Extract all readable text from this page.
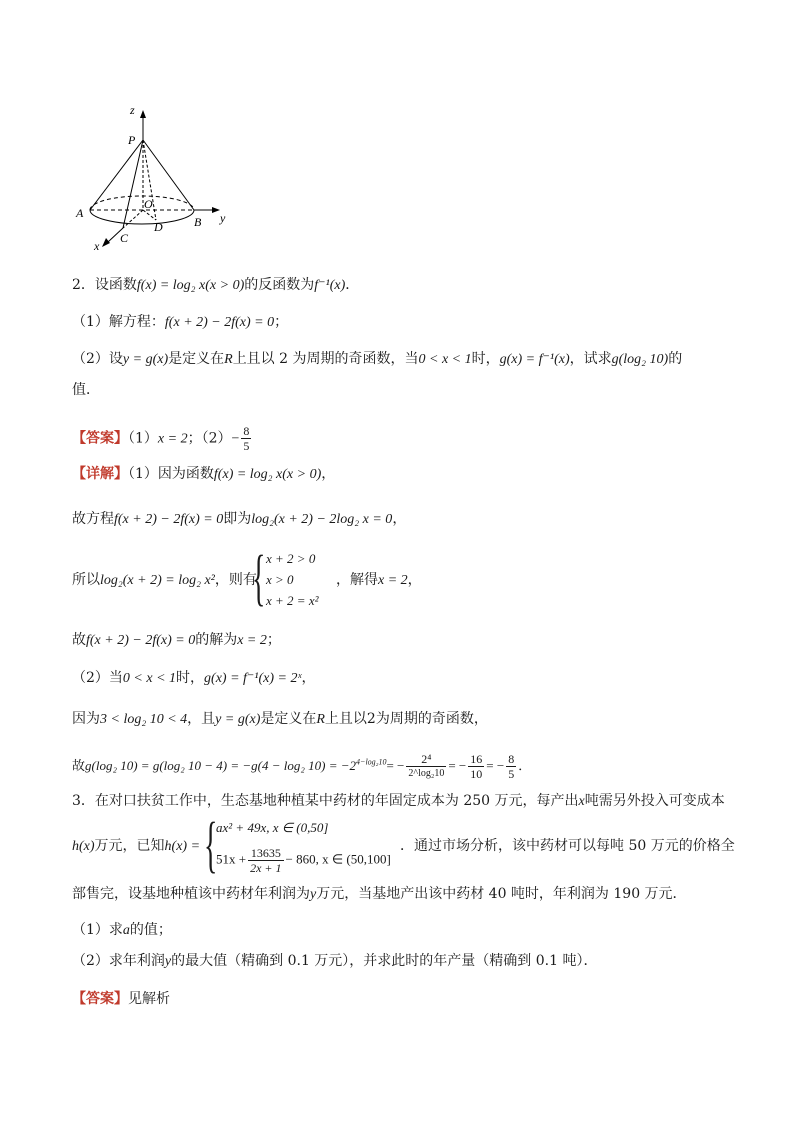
z
P
O
A
B
C
D
x
y
2．设函数f(x) = log₂ x(x > 0)的反函数为f⁻¹(x)．
（1）解方程：f(x + 2) − 2f(x) = 0；
（2）设y = g(x)是定义在R上且以 2 为周期的奇函数，当0 < x < 1时，g(x) = f⁻¹(x)，试求g(log₂ 10)的
值．
【答案】（1）x = 2；$(2)- \frac{8}{5}$
【详解】（1）因为函数f(x) = log₂ x(x > 0)，
故方程f(x + 2) − 2f(x) = 0即为log₂(x + 2) − 2log₂ x = 0，
所以log₂(x + 2) = log₂ x²，则有
{ x + 2 > 0
x > 0
x + 2 = x²
，解得x = 2，
故f(x + 2) − 2f(x) = 0的解为x = 2；
（2）当0 < x < 1时，g(x) = f⁻¹(x) = 2ˣ，
因为3 < log₂ 10 < 4，且y = g(x)是定义在R上且以2为周期的奇函数，
故g(log₂ 10) = g(log₂ 10 − 4) = −g(4 − log₂ $10) = -2^{4-log_210}= - \frac{\text{2⁴}}{\text{2\textasciicircum{}log₂10}}$ = − $\frac{16}{10}$ = − $\frac{8}{5}$ ．
3．在对口扶贫工作中，生态基地种植某中药材的年固定成本为 250 万元，每产出x吨需另外投入可变成本
h(x)万元，已知h(x) = {
ax² + 49x, x ∈ (0,50]
$51x + \frac{13635}{2x + 1} - 860$, x ∈ (50,100]
．通过市场分析，该中药材可以每吨 50 万元的价格全
部售完，设基地种植该中药材年利润为y万元，当基地产出该中药材 40 吨时，年利润为 190 万元．
（1）求a的值；
（2）求年利润y的最大值（精确到 0.1 万元），并求此时的年产量（精确到 0.1 吨）．
【答案】见解析
